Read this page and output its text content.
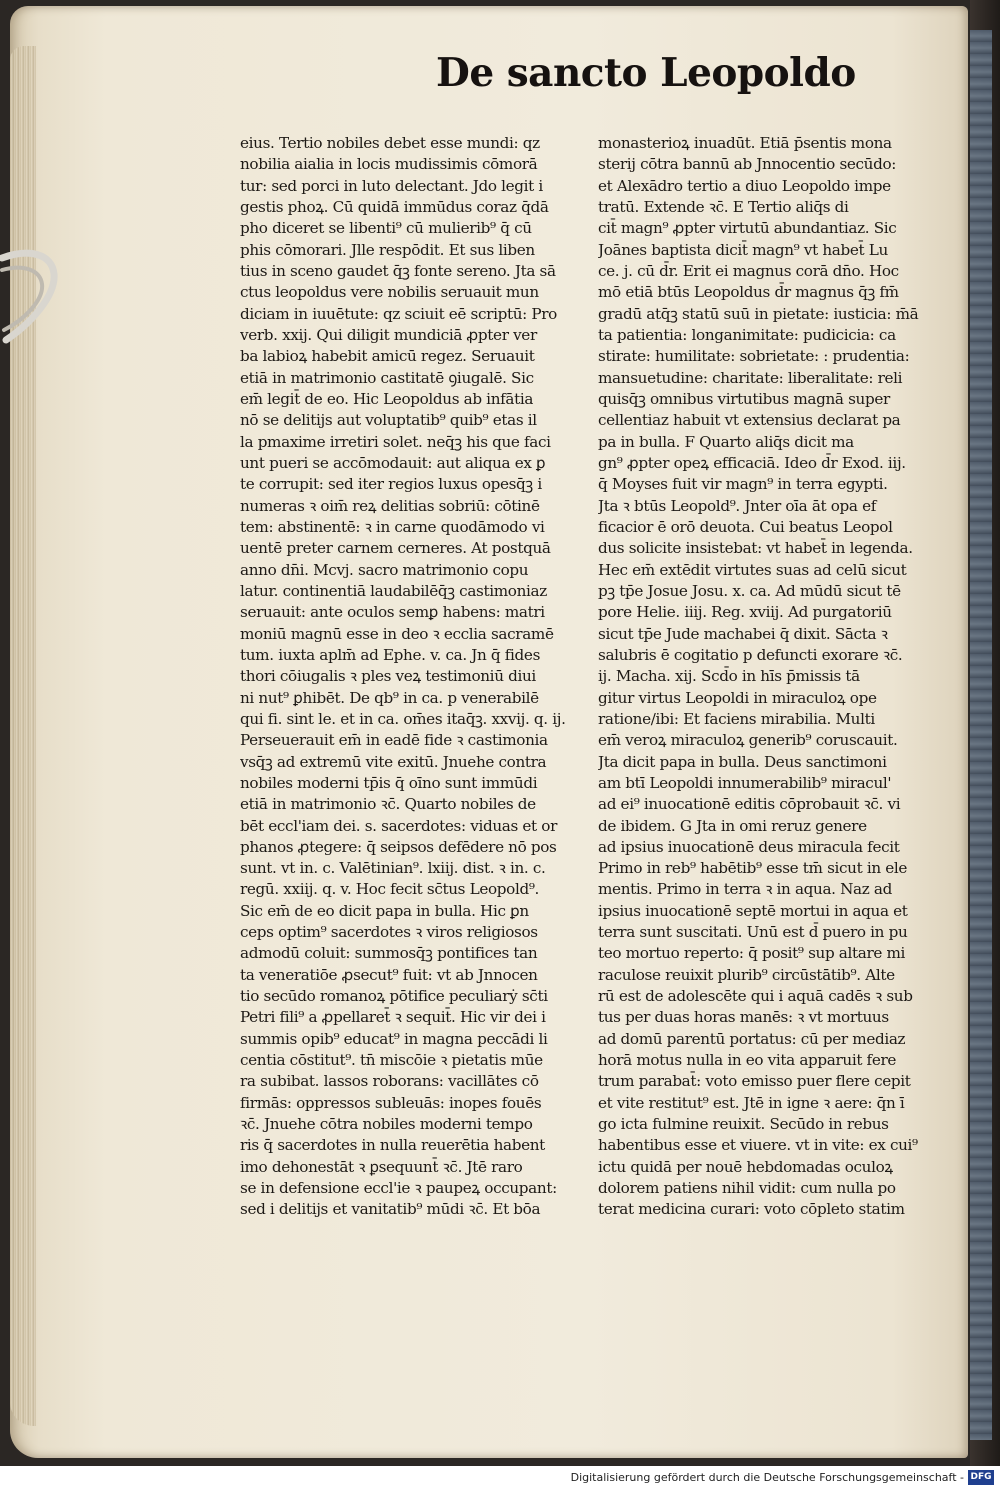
De sancto Leopoldo
eius. Tertio nobiles debet esse mundi: qz
nobilia aialia in locis mudissimis cōmorā
tur: sed porci in luto delectant. Jdo legit i
gestis phoꝝ. Cū quidā immūdus coraz q̄dā
pho diceret se libenti⁹ cū mulierib⁹ q̄ cū
phis cōmorari. Jlle respōdit. Et sus liben
tius in sceno gaudet q̄ꝫ fonte sereno. Jta sā
ctus leopoldus vere nobilis seruauit mun
diciam in iuuētute: qz sciuit eē scriptū: Pro
verb. xxij. Qui diligit mundiciā ꝓpter ver
ba labioꝝ habebit amicū regez. Seruauit
etiā in matrimonio castitatē ꝯiugalē. Sic
em̄ legit̄ de eo. Hic Leopoldus ab infātia
nō se delitijs aut voluptatib⁹ quib⁹ etas il
la pmaxime irretiri solet. neq̄ꝫ his que faci
unt pueri se accōmodauit: aut aliqua ex ꝑ
te corrupit: sed iter regios luxus opesq̄ꝫ i
numeras ꝛ oim̄ reꝝ delitias sobriū: cōtinē
tem: abstinentē: ꝛ in carne quodāmodo vi
uentē preter carnem cerneres. At postquā
anno dn̄i. Mcvj. sacro matrimonio copu
latur. continentiā laudabilēq̄ꝫ castimoniaz
seruauit: ante oculos semꝑ habens: matri
moniū magnū esse in deo ꝛ ecclia sacramē
tum. iuxta aplm̄ ad Ephe. v. ca. Jn q̄ fides
thori cōiugalis ꝛ ples veꝝ testimoniū diui
ni nut⁹ ꝑhibēt. De qb⁹ in ca. p venerabilē
qui fi. sint le. et in ca. om̄es itaq̄ꝫ. xxvij. q. ij.
Perseuerauit em̄ in eadē fide ꝛ castimonia
vsq̄ꝫ ad extremū vite exitū. Jnuehe contra
nobiles moderni tp̄is q̄ oīno sunt immūdi
etiā in matrimonio ꝛc̄. Quarto nobiles de
bēt eccl'iam dei. s. sacerdotes: viduas et or
phanos ꝓtegere: q̄ seipsos defēdere nō pos
sunt. vt in. c. Valētinian⁹. lxiij. dist. ꝛ in. c.
regū. xxiij. q. v. Hoc fecit sc̄tus Leopold⁹.
Sic em̄ de eo dicit papa in bulla. Hic ꝑn
ceps optim⁹ sacerdotes ꝛ viros religiosos
admodū coluit: summosq̄ꝫ pontifices tan
ta veneratiōe ꝓsecut⁹ fuit: vt ab Jnnocen
tio secūdo romanoꝝ pōtifice peculiarẏ sc̄ti
Petri fili⁹ a ꝓpellaret̄ ꝛ sequit̄. Hic vir dei i
summis opib⁹ educat⁹ in magna peccādi li
centia cōstitut⁹. tn̄ miscōie ꝛ pietatis mūe
ra subibat. lassos roborans: vacillātes cō
firmās: oppressos subleuās: inopes fouēs
ꝛc̄. Jnuehe cōtra nobiles moderni tempo
ris q̄ sacerdotes in nulla reuerētia habent
imo dehonestāt ꝛ ꝑsequunt̄ ꝛc̄. Jtē raro
se in defensione eccl'ie ꝛ paupeꝝ occupant:
sed i delitijs et vanitatib⁹ mūdi ꝛc̄. Et bōa
monasterioꝝ inuadūt. Etiā p̄sentis mona
sterij cōtra bannū ab Jnnocentio secūdo:
et Alexādro tertio a diuo Leopoldo impe
tratū. Extende ꝛc̄. E Tertio aliq̄s di
cit̄ magn⁹ ꝓpter virtutū abundantiaz. Sic
Joānes baptista dicit̄ magn⁹ vt habet̄ Lu
ce. j. cū d̄r. Erit ei magnus corā dn̄o. Hoc
mō etiā btūs Leopoldus d̄r magnus q̄ꝫ fm̄
gradū atq̄ꝫ statū suū in pietate: iusticia: m̄ā
ta patientia: longanimitate: pudicicia: ca
stirate: humilitate: sobrietate: : prudentia:
mansuetudine: charitate: liberalitate: reli
quisq̄ꝫ omnibus virtutibus magnā super
cellentiaz habuit vt extensius declarat pa
pa in bulla. F Quarto aliq̄s dicit ma
gn⁹ ꝓpter opeꝝ efficaciā. Ideo d̄r Exod. iij.
q̄ Moyses fuit vir magn⁹ in terra egypti.
Jta ꝛ btūs Leopold⁹. Jnter oīa āt opa ef
ficacior ē orō deuota. Cui beatus Leopol
dus solicite insistebat: vt habet̄ in legenda.
Hec em̄ extēdit virtutes suas ad celū sicut
pꝫ tp̄e Josue Josu. x. ca. Ad mūdū sicut tē
pore Helie. iiij. Reg. xviij. Ad purgatoriū
sicut tp̄e Jude machabei q̄ dixit. Sācta ꝛ
salubris ē cogitatio p defuncti exorare ꝛc̄.
ij. Macha. xij. Scd̄o in hīs p̄missis tā
gitur virtus Leopoldi in miraculoꝝ ope
ratione/ibi: Et faciens mirabilia. Multi
em̄ veroꝝ miraculoꝝ generib⁹ coruscauit.
Jta dicit papa in bulla. Deus sanctimoni
am btī Leopoldi innumerabilib⁹ miracul'
ad ei⁹ inuocationē editis cōprobauit ꝛc̄. vi
de ibidem. G Jta in omi reruz genere
ad ipsius inuocationē deus miracula fecit
Primo in reb⁹ habētib⁹ esse tm̄ sicut in ele
mentis. Primo in terra ꝛ in aqua. Naz ad
ipsius inuocationē septē mortui in aqua et
terra sunt suscitati. Unū est d̄ puero in pu
teo mortuo reperto: q̄ posit⁹ sup altare mi
raculose reuixit plurib⁹ circūstātib⁹. Alte
rū est de adolescēte qui i aquā cadēs ꝛ sub
tus per duas horas manēs: ꝛ vt mortuus
ad domū parentū portatus: cū per mediaz
horā motus nulla in eo vita apparuit fere
trum parabat̄: voto emisso puer flere cepit
et vite restitut⁹ est. Jtē in igne ꝛ aere: q̄n ī
go icta fulmine reuixit. Secūdo in rebus
habentibus esse et viuere. vt in vite: ex cui⁹
ictu quidā per nouē hebdomadas oculoꝝ
dolorem patiens nihil vidit: cum nulla po
terat medicina curari: voto cōpleto statim
Digitalisierung gefördert durch die Deutsche Forschungsgemeinschaft - DFG
